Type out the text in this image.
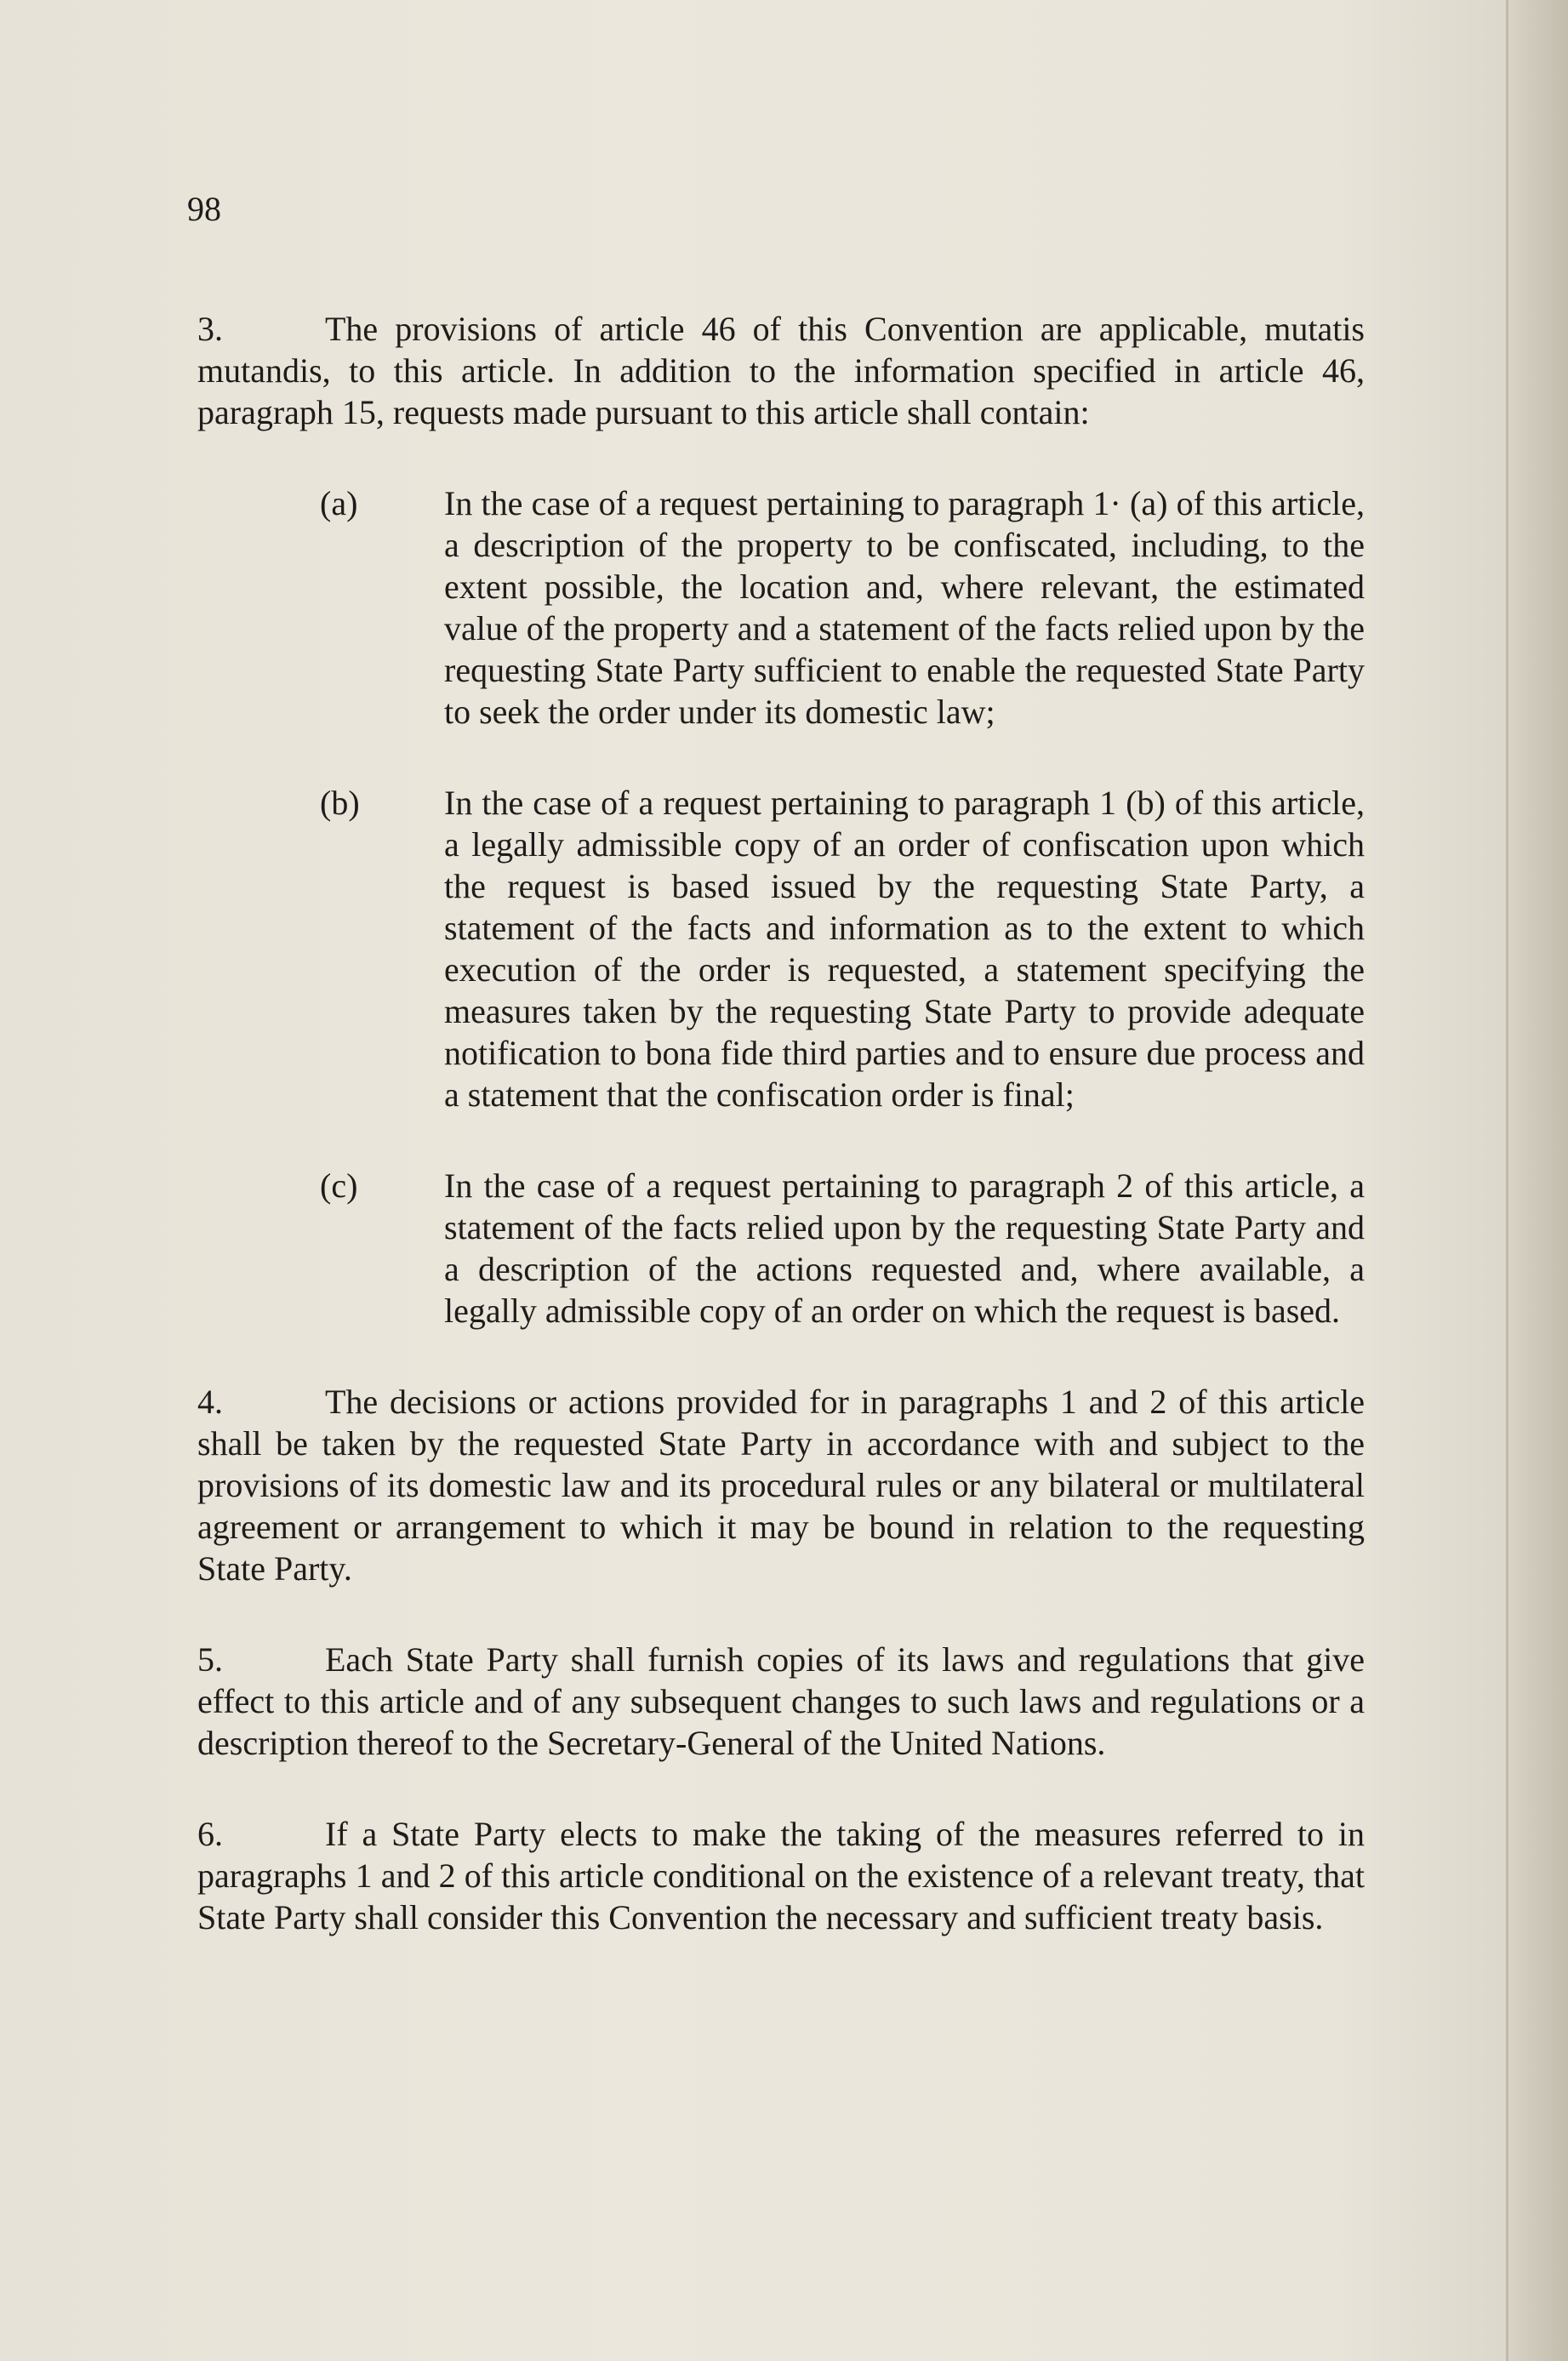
98

3.	The provisions of article 46 of this Convention are applicable, mutatis mutandis, to this article. In addition to the information specified in article 46, paragraph 15, requests made pursuant to this article shall contain:

(a)	In the case of a request pertaining to paragraph 1· (a) of this article, a description of the property to be confiscated, including, to the extent possible, the location and, where relevant, the estimated value of the property and a statement of the facts relied upon by the requesting State Party sufficient to enable the requested State Party to seek the order under its domestic law;
(b)	In the case of a request pertaining to paragraph 1 (b) of this article, a legally admissible copy of an order of confiscation upon which the request is based issued by the requesting State Party, a statement of the facts and information as to the extent to which execution of the order is requested, a statement specifying the measures taken by the requesting State Party to provide adequate notification to bona fide third parties and to ensure due process and a statement that the confiscation order is final;
(c)	In the case of a request pertaining to paragraph 2 of this article, a statement of the facts relied upon by the requesting State Party and a description of the actions requested and, where available, a legally admissible copy of an order on which the request is based.

4.	The decisions or actions provided for in paragraphs 1 and 2 of this article shall be taken by the requested State Party in accordance with and subject to the provisions of its domestic law and its procedural rules or any bilateral or multilateral agreement or arrangement to which it may be bound in relation to the requesting State Party.

5.	Each State Party shall furnish copies of its laws and regulations that give effect to this article and of any subsequent changes to such laws and regulations or a description thereof to the Secretary-General of the United Nations.

6.	If a State Party elects to make the taking of the measures referred to in paragraphs 1 and 2 of this article conditional on the existence of a relevant treaty, that State Party shall consider this Convention the necessary and sufficient treaty basis.
